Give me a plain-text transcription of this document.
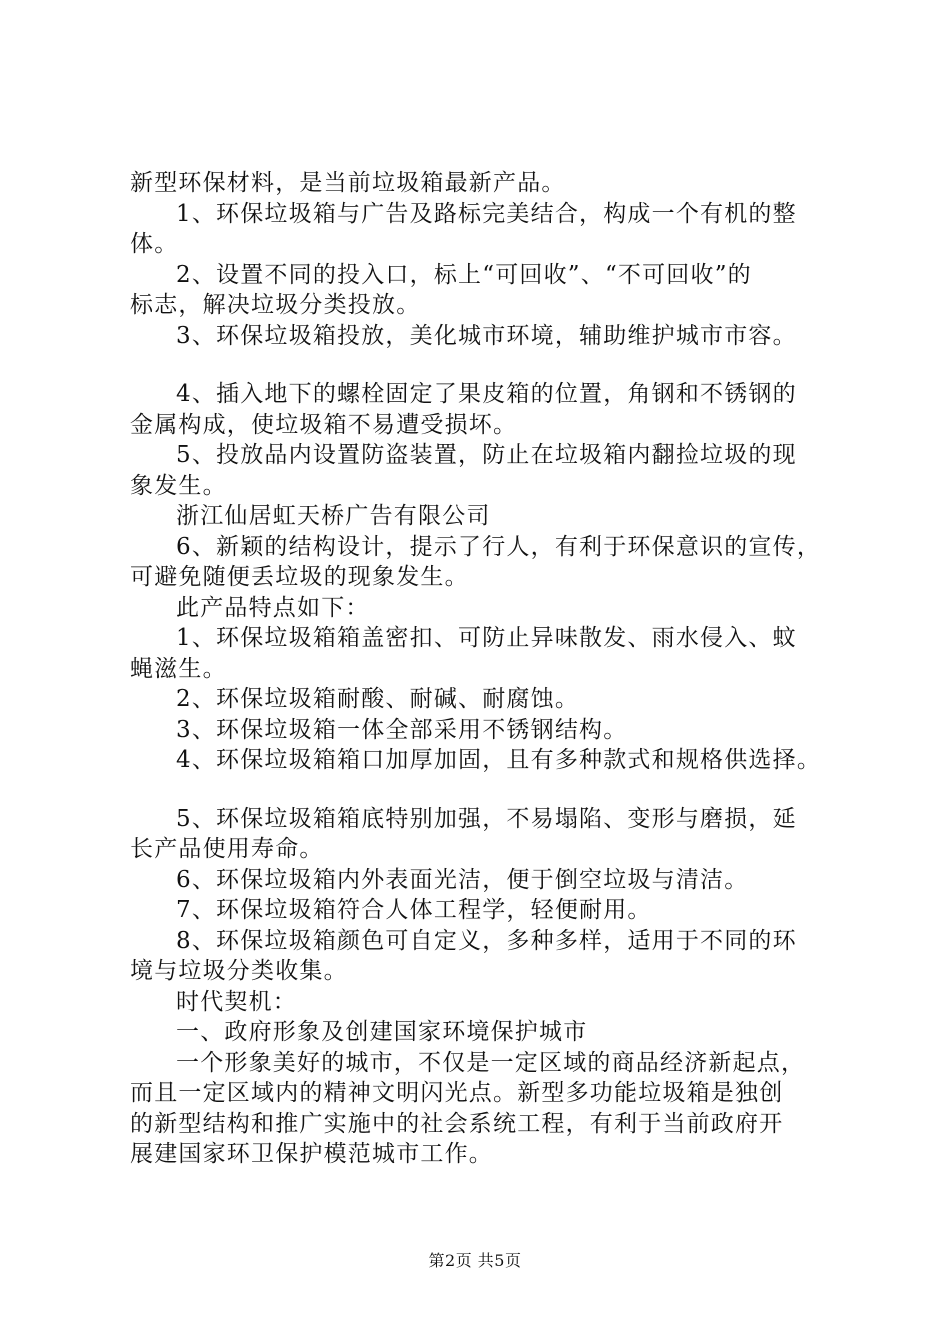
新型环保材料，是当前垃圾箱最新产品。
1、环保垃圾箱与广告及路标完美结合，构成一个有机的整
体。
2、设置不同的投入口，标上“可回收”、“不可回收”的
标志，解决垃圾分类投放。
3、环保垃圾箱投放，美化城市环境，辅助维护城市市容。
4、插入地下的螺栓固定了果皮箱的位置，角钢和不锈钢的
金属构成，使垃圾箱不易遭受损坏。
5、投放品内设置防盗装置，防止在垃圾箱内翻捡垃圾的现
象发生。
浙江仙居虹天桥广告有限公司
6、新颖的结构设计，提示了行人，有利于环保意识的宣传，
可避免随便丢垃圾的现象发生。
此产品特点如下：
1、环保垃圾箱箱盖密扣、可防止异味散发、雨水侵入、蚊
蝇滋生。
2、环保垃圾箱耐酸、耐碱、耐腐蚀。
3、环保垃圾箱一体全部采用不锈钢结构。
4、环保垃圾箱箱口加厚加固，且有多种款式和规格供选择。
5、环保垃圾箱箱底特别加强，不易塌陷、变形与磨损，延
长产品使用寿命。
6、环保垃圾箱内外表面光洁，便于倒空垃圾与清洁。
7、环保垃圾箱符合人体工程学，轻便耐用。
8、环保垃圾箱颜色可自定义，多种多样，适用于不同的环
境与垃圾分类收集。
时代契机：
一、政府形象及创建国家环境保护城市
一个形象美好的城市，不仅是一定区域的商品经济新起点，
而且一定区域内的精神文明闪光点。新型多功能垃圾箱是独创
的新型结构和推广实施中的社会系统工程，有利于当前政府开
展建国家环卫保护模范城市工作。
第2页 共5页
